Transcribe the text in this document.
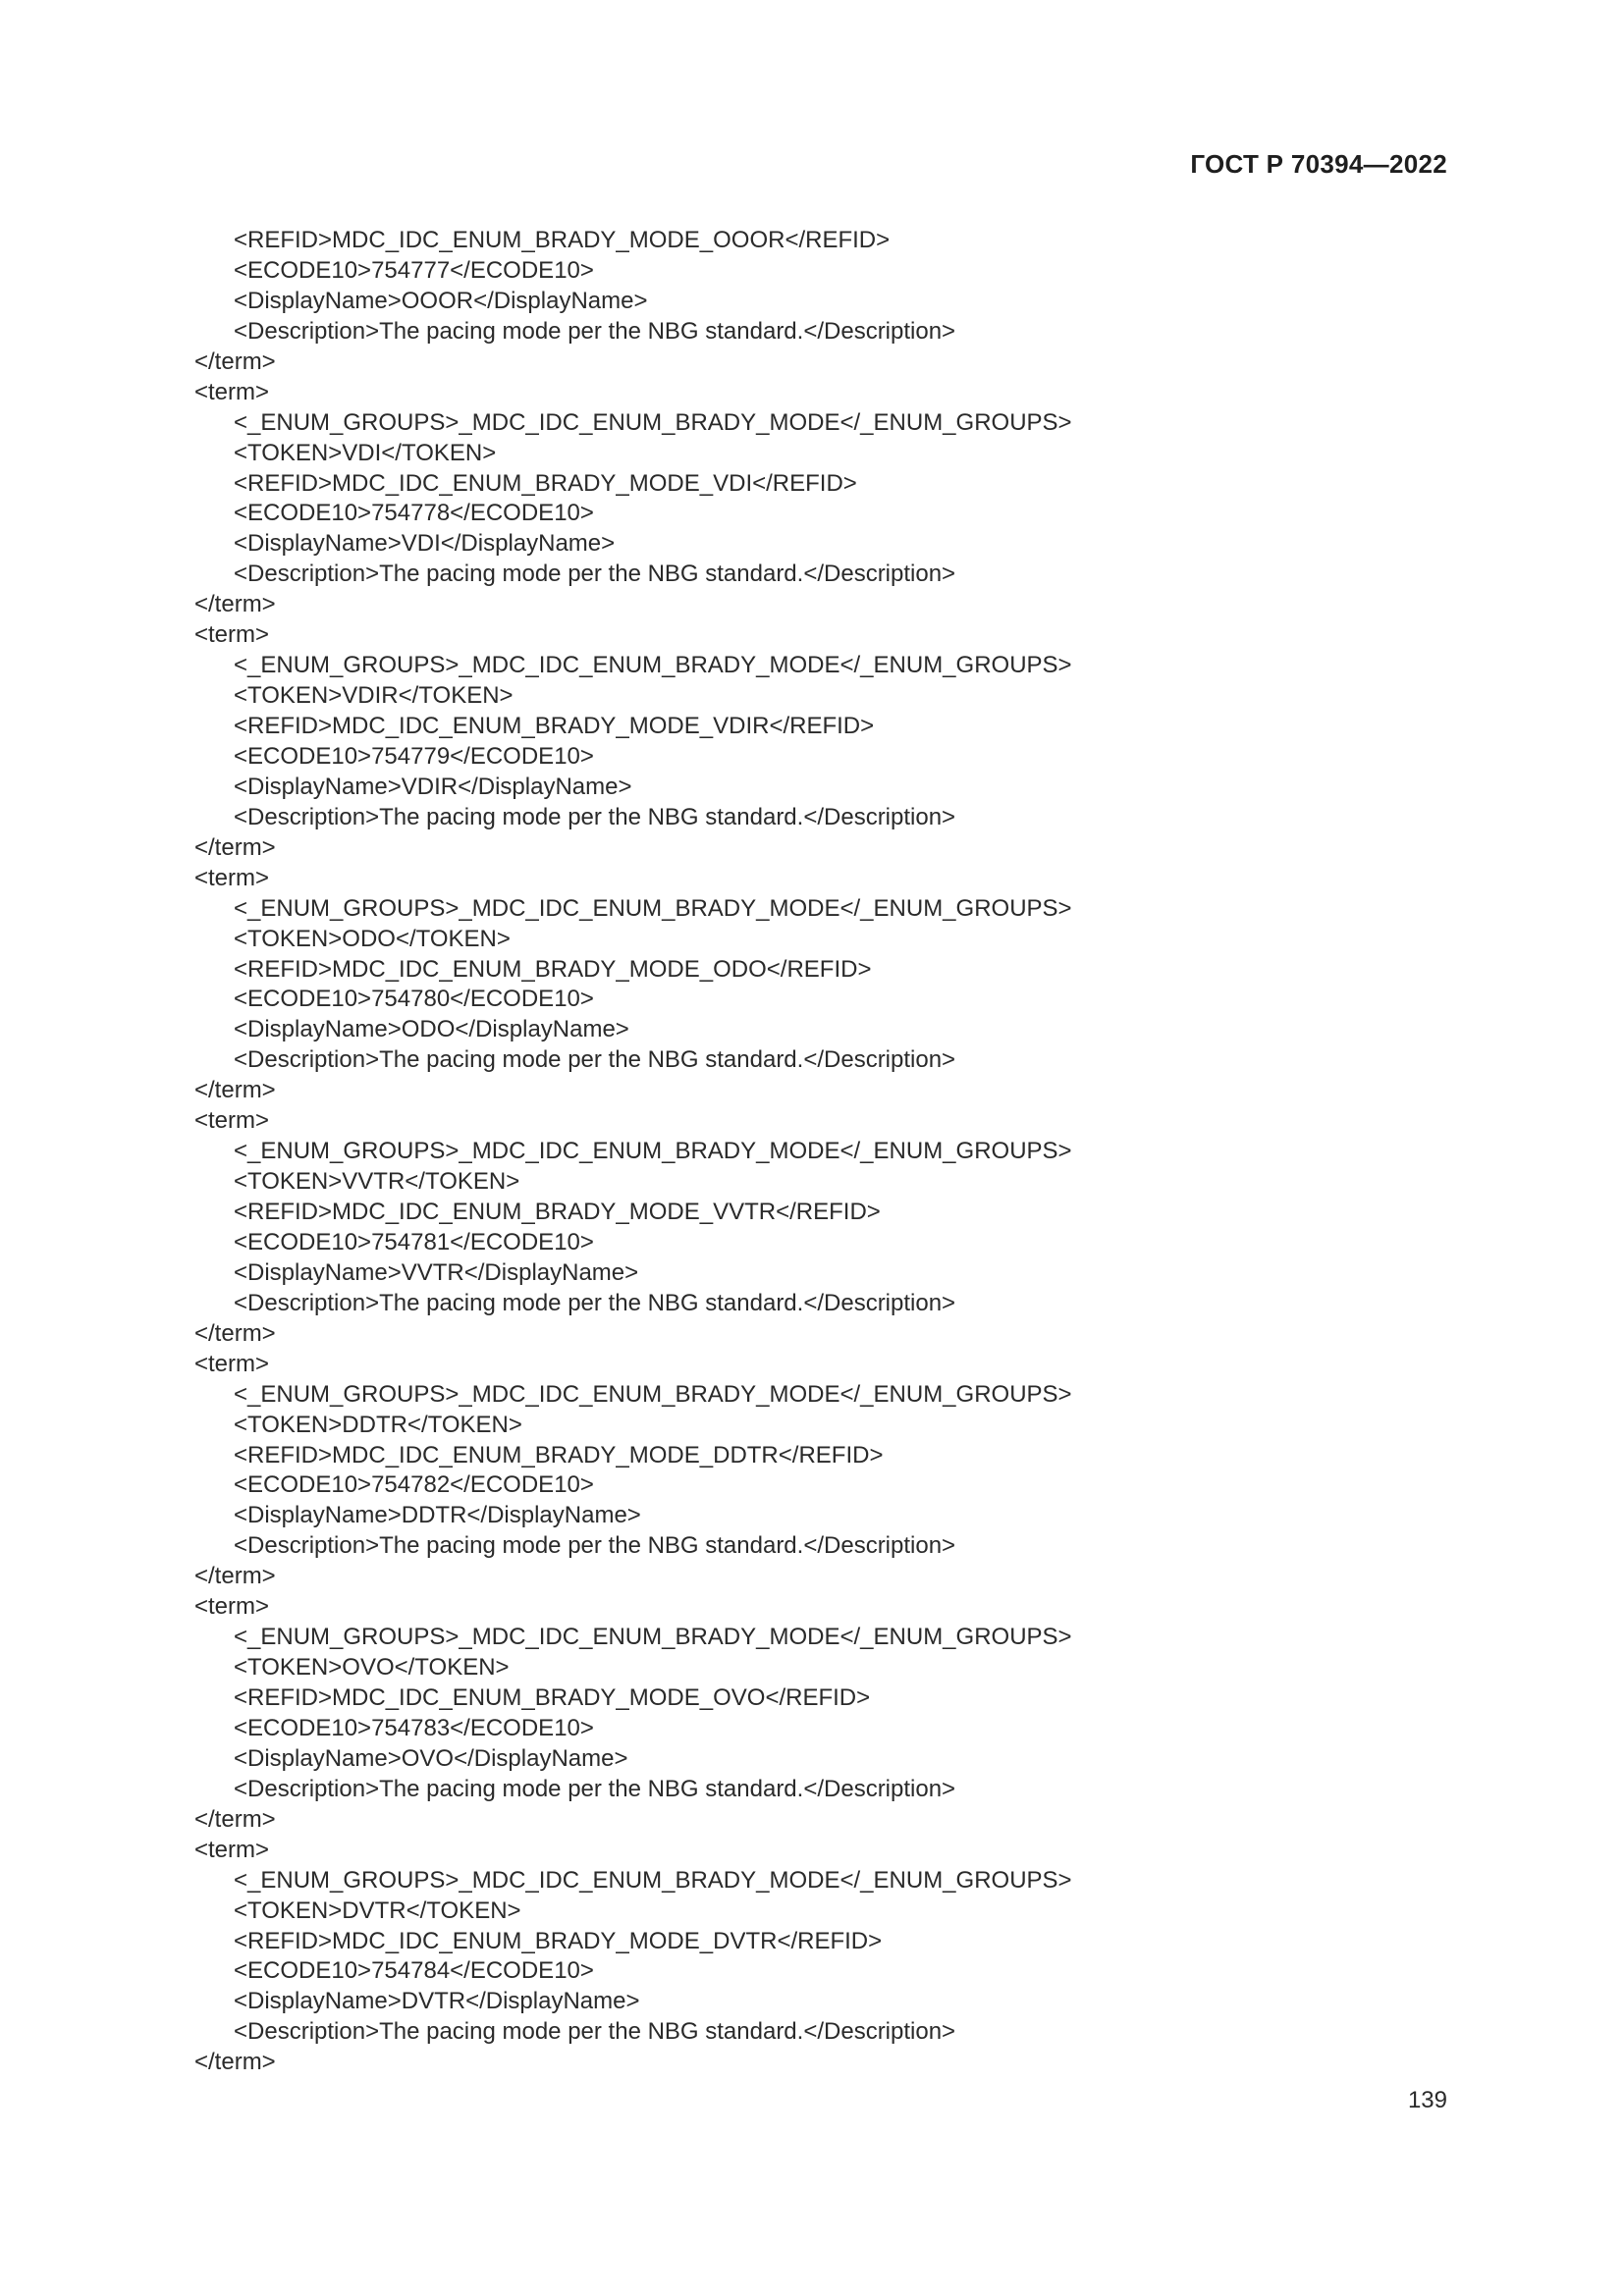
ГОСТ Р 70394—2022
<REFID>MDC_IDC_ENUM_BRADY_MODE_OOOR</REFID>
<ECODE10>754777</ECODE10>
<DisplayName>OOOR</DisplayName>
<Description>The pacing mode per the NBG standard.</Description>
</term>
<term>
<_ENUM_GROUPS>_MDC_IDC_ENUM_BRADY_MODE</_ENUM_GROUPS>
<TOKEN>VDI</TOKEN>
<REFID>MDC_IDC_ENUM_BRADY_MODE_VDI</REFID>
<ECODE10>754778</ECODE10>
<DisplayName>VDI</DisplayName>
<Description>The pacing mode per the NBG standard.</Description>
</term>
<term>
<_ENUM_GROUPS>_MDC_IDC_ENUM_BRADY_MODE</_ENUM_GROUPS>
<TOKEN>VDIR</TOKEN>
<REFID>MDC_IDC_ENUM_BRADY_MODE_VDIR</REFID>
<ECODE10>754779</ECODE10>
<DisplayName>VDIR</DisplayName>
<Description>The pacing mode per the NBG standard.</Description>
</term>
<term>
<_ENUM_GROUPS>_MDC_IDC_ENUM_BRADY_MODE</_ENUM_GROUPS>
<TOKEN>ODO</TOKEN>
<REFID>MDC_IDC_ENUM_BRADY_MODE_ODO</REFID>
<ECODE10>754780</ECODE10>
<DisplayName>ODO</DisplayName>
<Description>The pacing mode per the NBG standard.</Description>
</term>
<term>
<_ENUM_GROUPS>_MDC_IDC_ENUM_BRADY_MODE</_ENUM_GROUPS>
<TOKEN>VVTR</TOKEN>
<REFID>MDC_IDC_ENUM_BRADY_MODE_VVTR</REFID>
<ECODE10>754781</ECODE10>
<DisplayName>VVTR</DisplayName>
<Description>The pacing mode per the NBG standard.</Description>
</term>
<term>
<_ENUM_GROUPS>_MDC_IDC_ENUM_BRADY_MODE</_ENUM_GROUPS>
<TOKEN>DDTR</TOKEN>
<REFID>MDC_IDC_ENUM_BRADY_MODE_DDTR</REFID>
<ECODE10>754782</ECODE10>
<DisplayName>DDTR</DisplayName>
<Description>The pacing mode per the NBG standard.</Description>
</term>
<term>
<_ENUM_GROUPS>_MDC_IDC_ENUM_BRADY_MODE</_ENUM_GROUPS>
<TOKEN>OVO</TOKEN>
<REFID>MDC_IDC_ENUM_BRADY_MODE_OVO</REFID>
<ECODE10>754783</ECODE10>
<DisplayName>OVO</DisplayName>
<Description>The pacing mode per the NBG standard.</Description>
</term>
<term>
<_ENUM_GROUPS>_MDC_IDC_ENUM_BRADY_MODE</_ENUM_GROUPS>
<TOKEN>DVTR</TOKEN>
<REFID>MDC_IDC_ENUM_BRADY_MODE_DVTR</REFID>
<ECODE10>754784</ECODE10>
<DisplayName>DVTR</DisplayName>
<Description>The pacing mode per the NBG standard.</Description>
</term>
139
